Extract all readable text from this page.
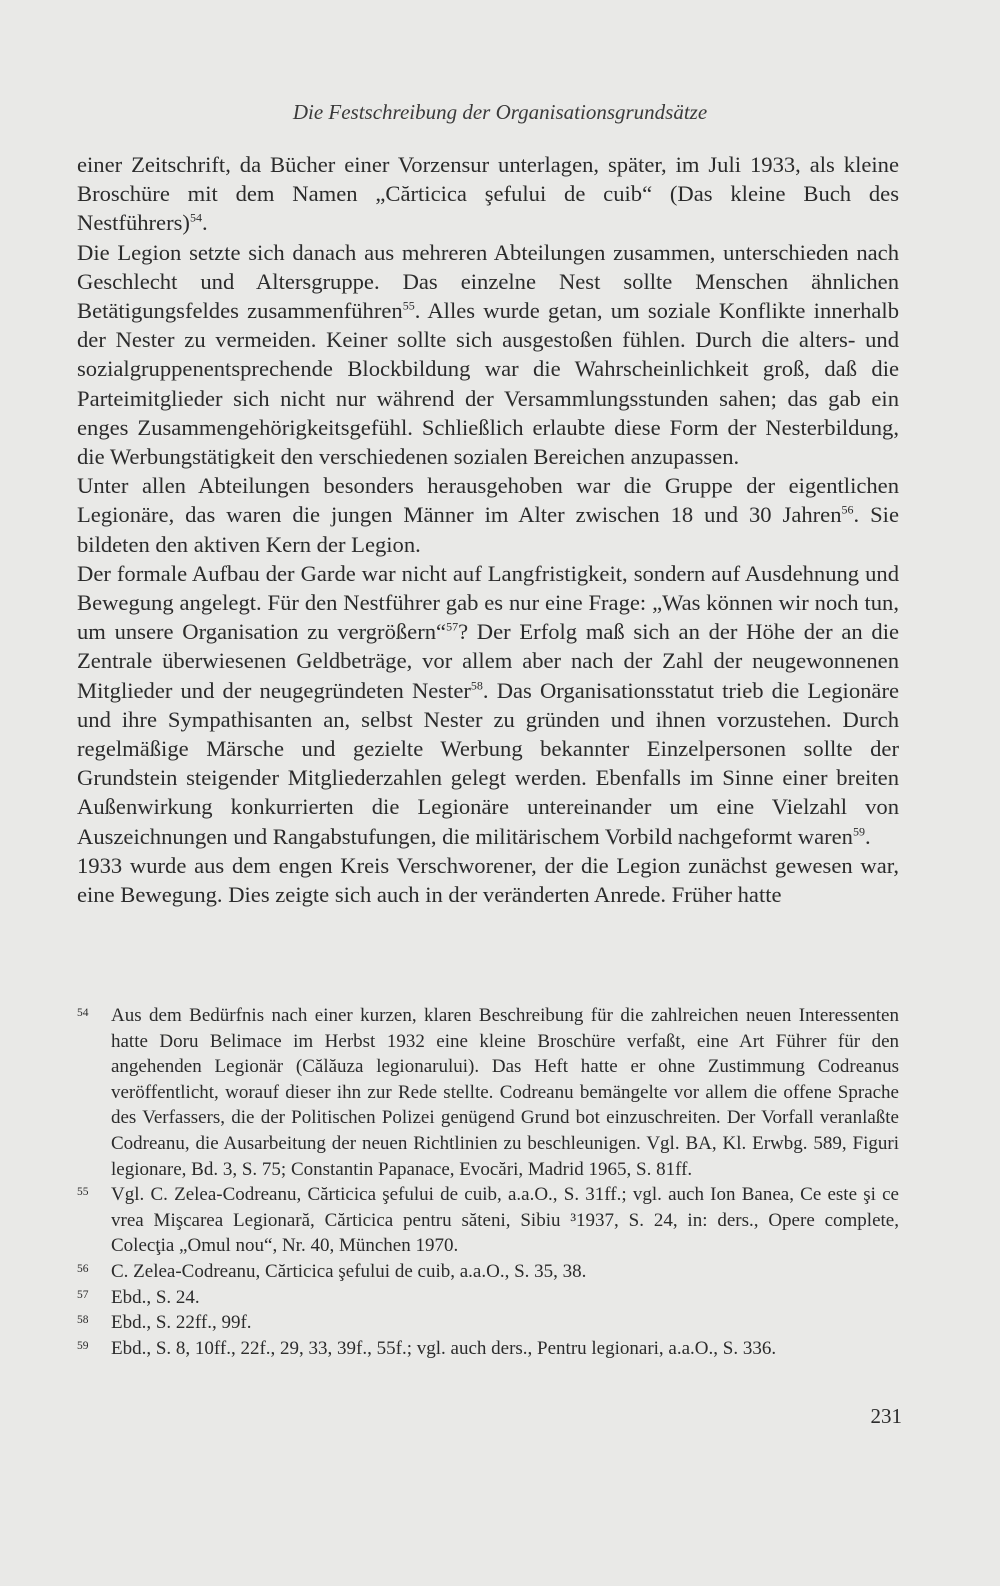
Die Festschreibung der Organisationsgrundsätze

einer Zeitschrift, da Bücher einer Vorzensur unterlagen, später, im Juli 1933, als kleine Broschüre mit dem Namen „Cărticica şefului de cuib“ (Das kleine Buch des Nestführers)$^{54}$.

Die Legion setzte sich danach aus mehreren Abteilungen zusammen, unterschieden nach Geschlecht und Altersgruppe. Das einzelne Nest sollte Menschen ähnlichen Betätigungsfeldes zusammenführen$^{55}$. Alles wurde getan, um soziale Konflikte innerhalb der Nester zu vermeiden. Keiner sollte sich ausgestoßen fühlen. Durch die alters- und sozialgruppenentsprechende Blockbildung war die Wahrscheinlichkeit groß, daß die Parteimitglieder sich nicht nur während der Versammlungsstunden sahen; das gab ein enges Zusammengehörigkeitsgefühl. Schließlich erlaubte diese Form der Nesterbildung, die Werbungstätigkeit den verschiedenen sozialen Bereichen anzupassen.

Unter allen Abteilungen besonders herausgehoben war die Gruppe der eigentlichen Legionäre, das waren die jungen Männer im Alter zwischen 18 und 30 Jahren$^{56}$. Sie bildeten den aktiven Kern der Legion.

Der formale Aufbau der Garde war nicht auf Langfristigkeit, sondern auf Ausdehnung und Bewegung angelegt. Für den Nestführer gab es nur eine Frage: „Was können wir noch tun, um unsere Organisation zu vergrößern“$^{57}$? Der Erfolg maß sich an der Höhe der an die Zentrale überwiesenen Geldbeträge, vor allem aber nach der Zahl der neugewonnenen Mitglieder und der neugegründeten Nester$^{58}$. Das Organisationsstatut trieb die Legionäre und ihre Sympathisanten an, selbst Nester zu gründen und ihnen vorzustehen. Durch regelmäßige Märsche und gezielte Werbung bekannter Einzelpersonen sollte der Grundstein steigender Mitgliederzahlen gelegt werden. Ebenfalls im Sinne einer breiten Außenwirkung konkurrierten die Legionäre untereinander um eine Vielzahl von Auszeichnungen und Rangabstufungen, die militärischem Vorbild nachgeformt waren$^{59}$.

1933 wurde aus dem engen Kreis Verschworener, der die Legion zunächst gewesen war, eine Bewegung. Dies zeigte sich auch in der veränderten Anrede. Früher hatte

54	Aus dem Bedürfnis nach einer kurzen, klaren Beschreibung für die zahlreichen neuen Interessenten hatte Doru Belimace im Herbst 1932 eine kleine Broschüre verfaßt, eine Art Führer für den angehenden Legionär (Călăuza legionarului). Das Heft hatte er ohne Zustimmung Codreanus veröffentlicht, worauf dieser ihn zur Rede stellte. Codreanu bemängelte vor allem die offene Sprache des Verfassers, die der Politischen Polizei genügend Grund bot einzuschreiten. Der Vorfall veranlaßte Codreanu, die Ausarbeitung der neuen Richtlinien zu beschleunigen. Vgl. BA, Kl. Erwbg. 589, Figuri legionare, Bd. 3, S. 75; Constantin Papanace, Evocări, Madrid 1965, S. 81ff.

55	Vgl. C. Zelea-Codreanu, Cărticica şefului de cuib, a.a.O., S. 31ff.; vgl. auch Ion Banea, Ce este şi ce vrea Mişcarea Legionară, Cărticica pentru săteni, Sibiu ³1937, S. 24, in: ders., Opere complete, Colecţia „Omul nou“, Nr. 40, München 1970.

56	C. Zelea-Codreanu, Cărticica şefului de cuib, a.a.O., S. 35, 38.

57	Ebd., S. 24.

58	Ebd., S. 22ff., 99f.

59	Ebd., S. 8, 10ff., 22f., 29, 33, 39f., 55f.; vgl. auch ders., Pentru legionari, a.a.O., S. 336.

231
